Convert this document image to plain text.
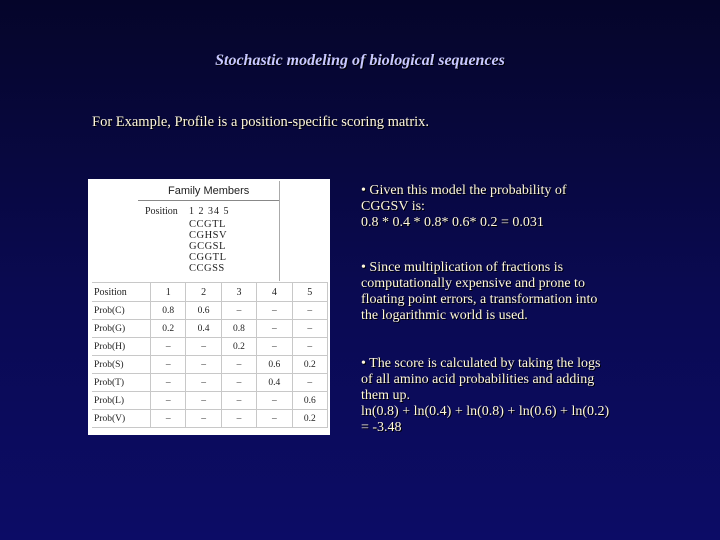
Stochastic modeling of biological sequences
For Example, Profile is a position-specific scoring matrix.
Family Members
Position 1 2 34 5
CCGTL
CGHSV
GCGSL
CGGTL
CCGSS
Position	1	2	3	4	5
Prob(C)	0.8	0.6	–	–	–
Prob(G)	0.2	0.4	0.8	–	–
Prob(H)	–	–	0.2	–	–
Prob(S)	–	–	–	0.6	0.2
Prob(T)	–	–	–	0.4	–
Prob(L)	–	–	–	–	0.6
Prob(V)	–	–	–	–	0.2

• Given this model the probability of

CGGSV is:

0.8 * 0.4 * 0.8* 0.6* 0.2 = 0.031

• Since multiplication of fractions is

computationally expensive and prone to

floating point errors, a transformation into

the logarithmic world is used.

• The score is calculated by taking the logs

of all amino acid probabilities and adding

them up.

ln(0.8) + ln(0.4) + ln(0.8) + ln(0.6) + ln(0.2)

= -3.48
